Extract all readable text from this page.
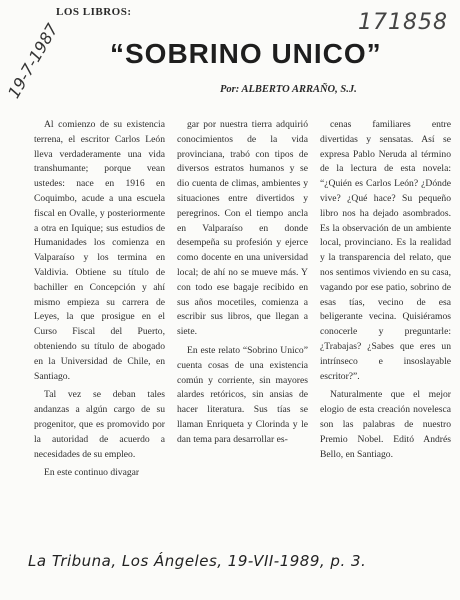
LOS LIBROS:	171858
19-7-1987 “SOBRINO UNICO”
Por: ALBERTO ARRAÑO, S.J.

Al comienzo de su existencia terrena, el escritor Carlos León lleva verdaderamente una vida transhumante; porque vean ustedes: nace en 1916 en Coquimbo, acude a una escuela fiscal en Ovalle, y posteriormente a otra en Iquique; sus estudios de Humanidades los comienza en Valparaíso y los termina en Valdivia. Obtiene su título de bachiller en Concepción y ahí mismo empieza su carrera de Leyes, la que prosigue en el Curso Fiscal del Puerto, obteniendo su título de abogado en la Universidad de Chile, en Santiago.

Tal vez se deban tales andanzas a algún cargo de su progenitor, que es promovido por la autoridad de acuerdo a necesidades de su empleo.

En este continuo divagar

gar por nuestra tierra adquirió conocimientos de la vida provinciana, trabó con tipos de diversos estratos humanos y se dio cuenta de climas, ambientes y situaciones entre divertidos y peregrinos. Con el tiempo ancla en Valparaíso en donde desempeña su profesión y ejerce como docente en una universidad local; de ahí no se mueve más. Y con todo ese bagaje recibido en sus años mocetiles, comienza a escribir sus libros, que llegan a siete.

En este relato “Sobrino Unico” cuenta cosas de una existencia común y corriente, sin mayores alardes retóricos, sin ansias de hacer literatura. Sus tías se llaman Enriqueta y Clorinda y le dan tema para desarrollar es-

cenas familiares entre divertidas y sensatas. Así se expresa Pablo Neruda al término de la lectura de esta novela: “¿Quién es Carlos León? ¿Dónde vive? ¿Qué hace? Su pequeño libro nos ha dejado asombrados. Es la observación de un ambiente local, provinciano. Es la realidad y la transparencia del relato, que nos sentimos viviendo en su casa, vagando por ese patio, sobrino de esas tías, vecino de esa beligerante vecina. Quisiéramos conocerle y preguntarle: ¿Trabajas? ¿Sabes que eres un intrínseco e insoslayable escritor?”.

Naturalmente que el mejor elogio de esta creación novelesca son las palabras de nuestro Premio Nobel. Editó Andrés Bello, en Santiago.

La Tribuna, Los Ángeles, 19-VII-1989, p. 3.
